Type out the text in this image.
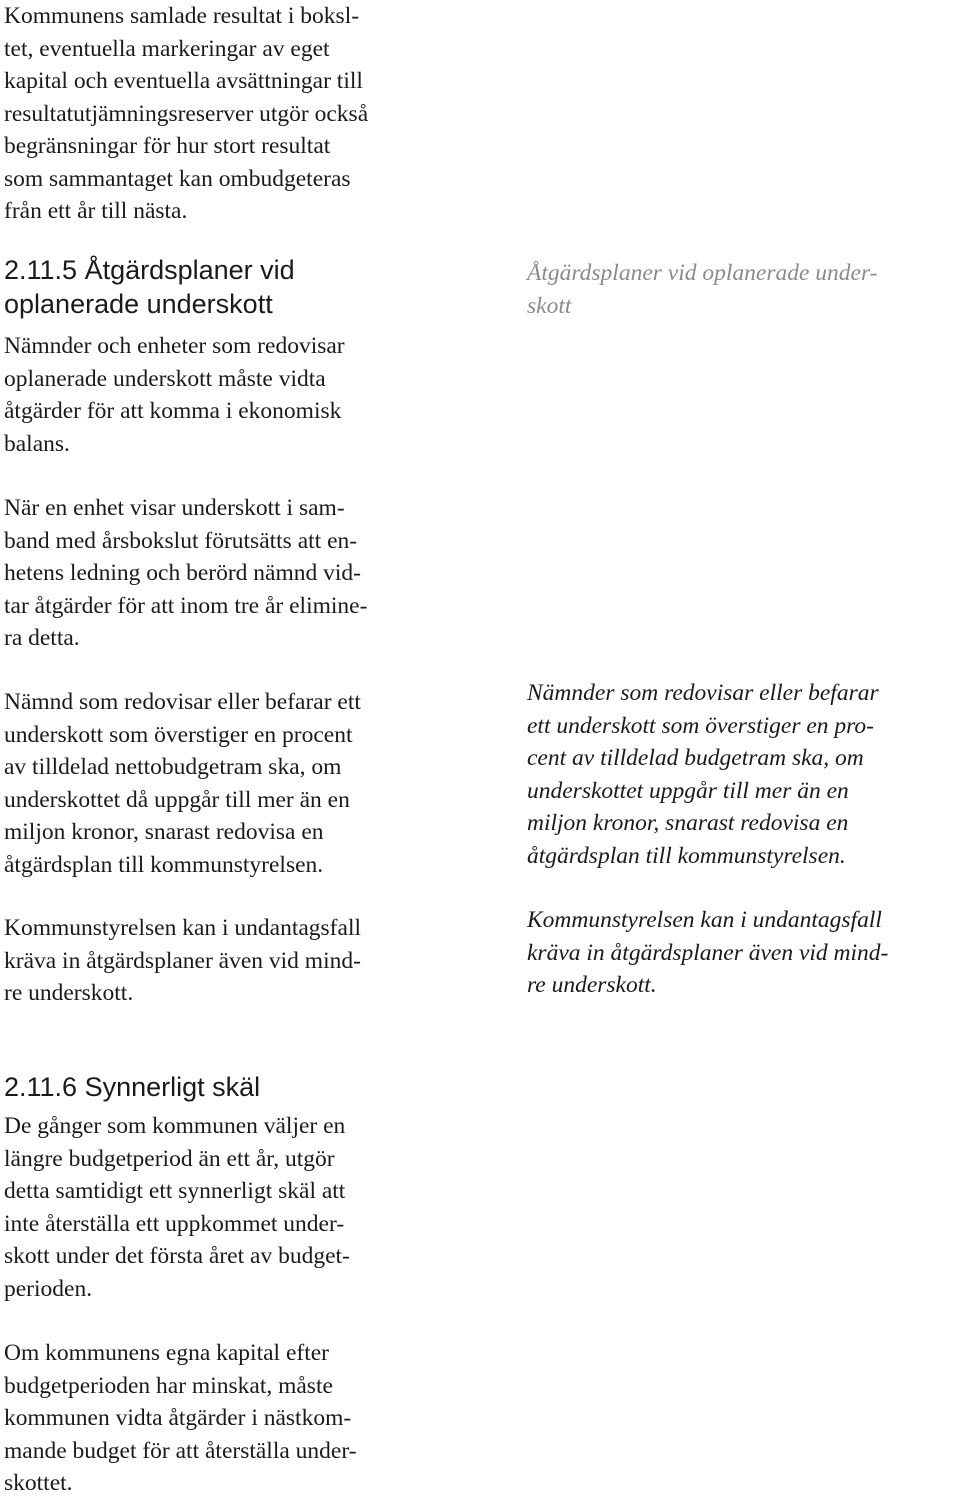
Kommunens samlade resultat i boksl-
tet, eventuella markeringar av eget
kapital och eventuella avsättningar till
resultatutjämningsreserver utgör också
begränsningar för hur stort resultat
som sammantaget kan ombudgeteras
från ett år till nästa.
2.11.5 Åtgärdsplaner vid
oplanerade underskott
Nämnder och enheter som redovisar
oplanerade underskott måste vidta
åtgärder för att komma i ekonomisk
balans.
När en enhet visar underskott i sam-
band med årsbokslut förutsätts att en-
hetens ledning och berörd nämnd vid-
tar åtgärder för att inom tre år elimine-
ra detta.
Nämnd som redovisar eller befarar ett
underskott som överstiger en procent
av tilldelad nettobudgetram ska, om
underskottet då uppgår till mer än en
miljon kronor, snarast redovisa en
åtgärdsplan till kommunstyrelsen.
Kommunstyrelsen kan i undantagsfall
kräva in åtgärdsplaner även vid mind-
re underskott.
2.11.6 Synnerligt skäl
De gånger som kommunen väljer en
längre budgetperiod än ett år, utgör
detta samtidigt ett synnerligt skäl att
inte återställa ett uppkommet under-
skott under det första året av budget-
perioden.
Om kommunens egna kapital efter
budgetperioden har minskat, måste
kommunen vidta åtgärder i nästkom-
mande budget för att återställa under-
skottet.
Åtgärdsplaner vid oplanerade under-
skott
Nämnder som redovisar eller befarar
ett underskott som överstiger en pro-
cent av tilldelad budgetram ska, om
underskottet uppgår till mer än en
miljon kronor, snarast redovisa en
åtgärdsplan till kommunstyrelsen.
Kommunstyrelsen kan i undantagsfall
kräva in åtgärdsplaner även vid mind-
re underskott.
